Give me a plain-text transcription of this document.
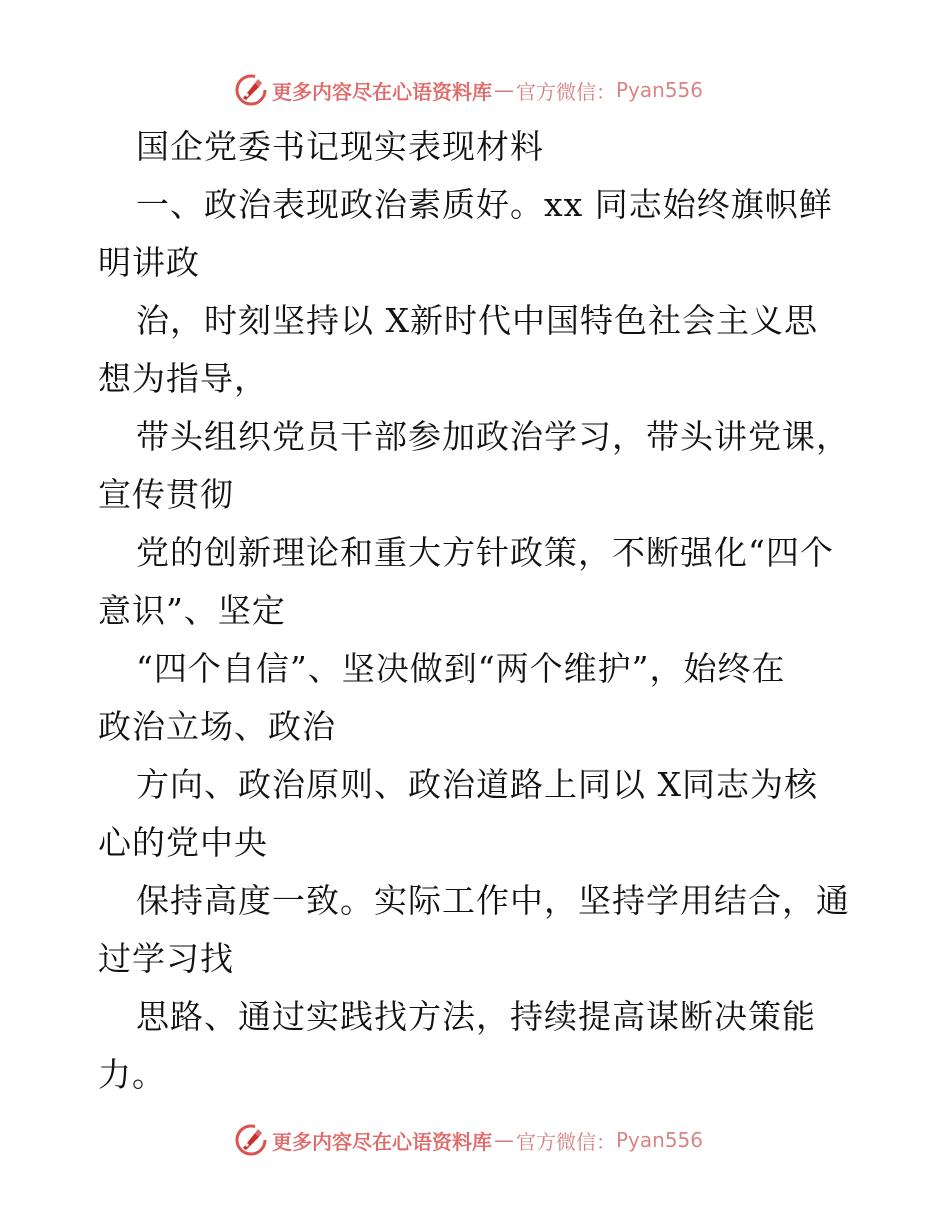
更多内容尽在心语资料库 — 官方微信： Pyan556
国企党委书记现实表现材料
一、政治表现政治素质好。xx 同志始终旗帜鲜
明讲政
治，时刻坚持以 X新时代中国特色社会主义思
想为指导，
带头组织党员干部参加政治学习，带头讲党课，
宣传贯彻
党的创新理论和重大方针政策，不断强化“四个
意识”、坚定
“四个自信”、坚决做到“两个维护”，始终在
政治立场、政治
方向、政治原则、政治道路上同以 X同志为核
心的党中央
保持高度一致。实际工作中，坚持学用结合，通
过学习找
思路、通过实践找方法，持续提高谋断决策能
力。
更多内容尽在心语资料库 — 官方微信： Pyan556
